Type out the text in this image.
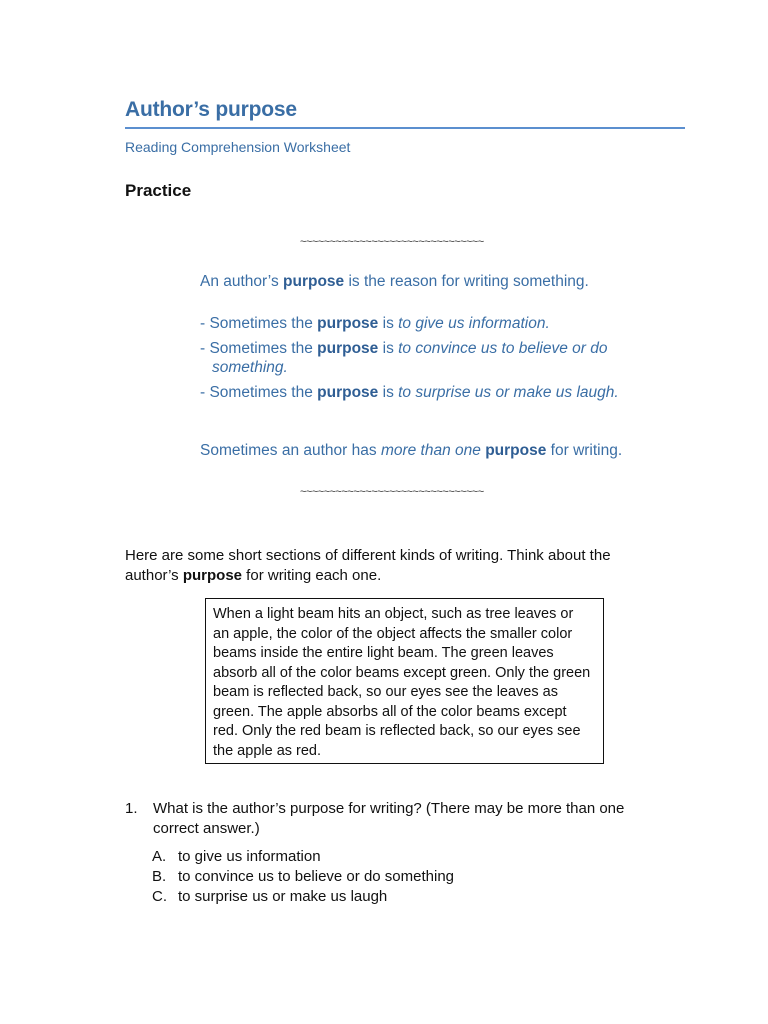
Author’s purpose
Reading Comprehension Worksheet
Practice
~~~~~~~~~~~~~~~~~~~~~~~~~~~~~~~
An author’s purpose is the reason for writing something.
- Sometimes the purpose is to give us information.
- Sometimes the purpose is to convince us to believe or do something.
- Sometimes the purpose is to surprise us or make us laugh.
Sometimes an author has more than one purpose for writing.
~~~~~~~~~~~~~~~~~~~~~~~~~~~~~~~
Here are some short sections of different kinds of writing. Think about the author’s purpose for writing each one.
When a light beam hits an object, such as tree leaves or an apple, the color of the object affects the smaller color beams inside the entire light beam. The green leaves absorb all of the color beams except green. Only the green beam is reflected back, so our eyes see the leaves as green. The apple absorbs all of the color beams except red. Only the red beam is reflected back, so our eyes see the apple as red.
1. What is the author’s purpose for writing? (There may be more than one correct answer.)
A. to give us information
B. to convince us to believe or do something
C. to surprise us or make us laugh
